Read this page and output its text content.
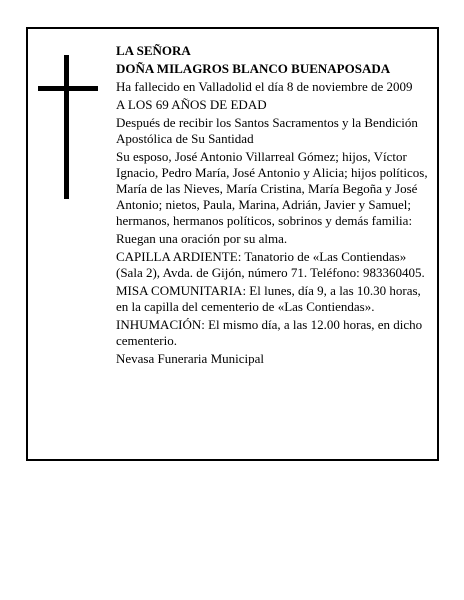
LA SEÑORA

DOÑA MILAGROS BLANCO BUENAPOSADA

Ha fallecido en Valladolid el día 8 de noviembre de 2009

A LOS 69 AÑOS DE EDAD

Después de recibir los Santos Sacramentos y la Bendición Apostólica de Su Santidad

Su esposo, José Antonio Villarreal Gómez; hijos, Víctor Ignacio, Pedro María, José Antonio y Alicia; hijos políticos, María de las Nieves, María Cristina, María Begoña y José Antonio; nietos, Paula, Marina, Adrián, Javier y Samuel; hermanos, hermanos políticos, sobrinos y demás familia:

Ruegan una oración por su alma.

CAPILLA ARDIENTE: Tanatorio de «Las Contiendas» (Sala 2), Avda. de Gijón, número 71. Teléfono: 983360405.

MISA COMUNITARIA: El lunes, día 9, a las 10.30 horas, en la capilla del cementerio de «Las Contiendas».

INHUMACIÓN: El mismo día, a las 12.00 horas, en dicho cementerio.

Nevasa Funeraria Municipal
